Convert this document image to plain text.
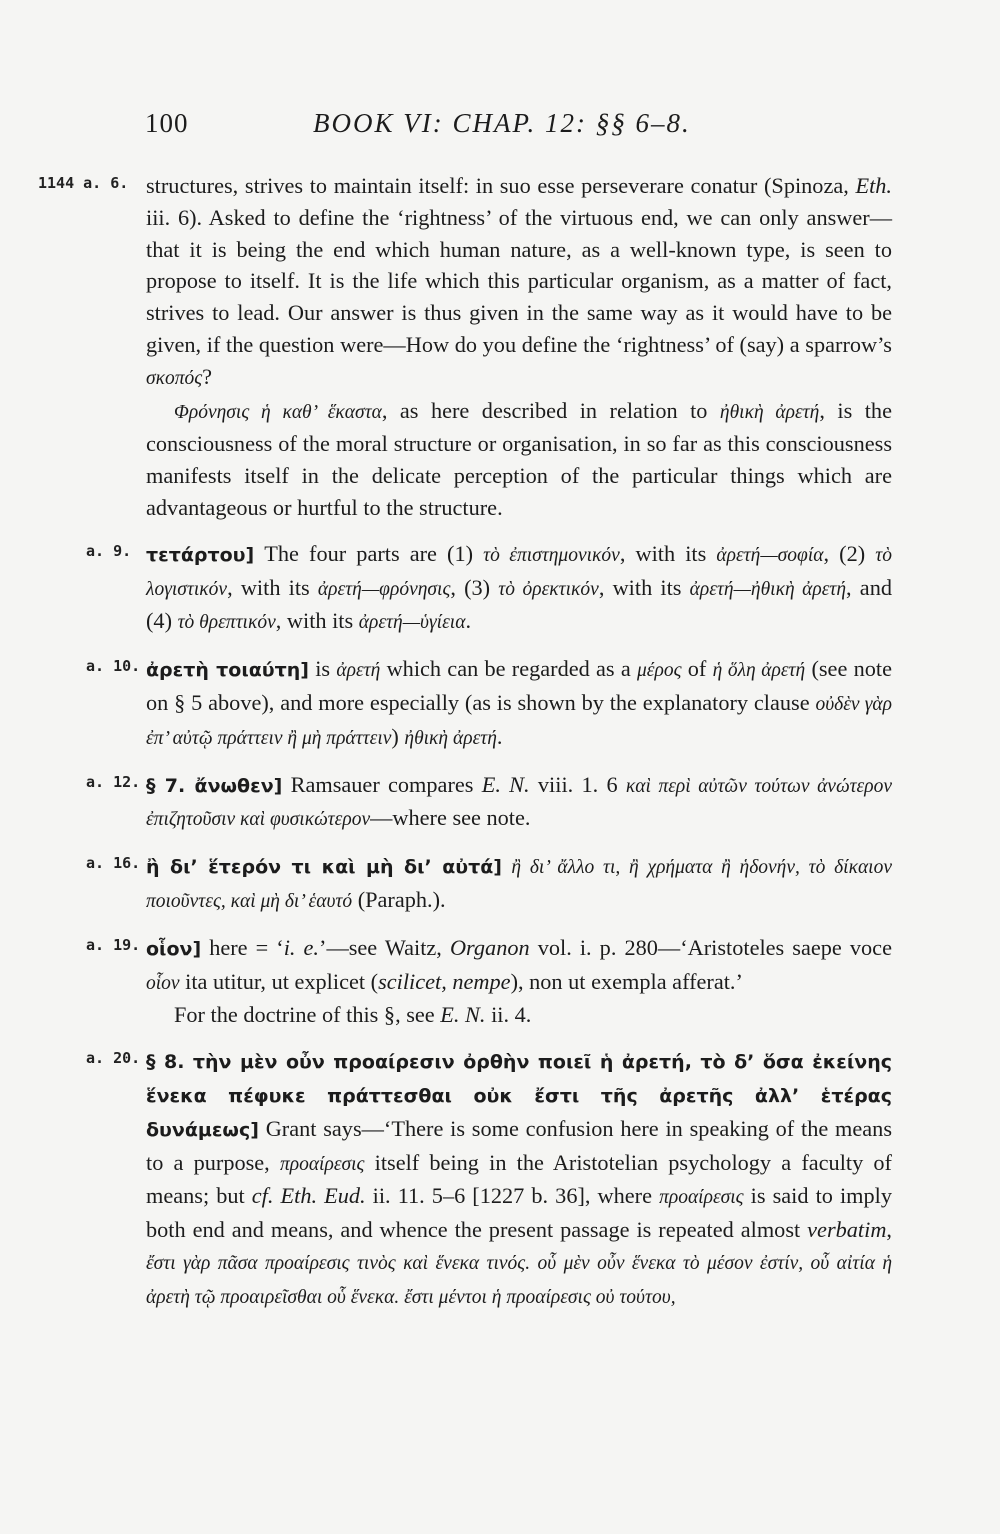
100	BOOK VI: CHAP. 12: §§ 6–8.
1144 a. 6. structures, strives to maintain itself: in suo esse perseverare conatur (Spinoza, Eth. iii. 6). Asked to define the ‘rightness’ of the virtuous end, we can only answer—that it is being the end which human nature, as a well-known type, is seen to propose to itself. It is the life which this particular organism, as a matter of fact, strives to lead. Our answer is thus given in the same way as it would have to be given, if the question were—How do you define the ‘rightness’ of (say) a sparrow’s σκοπός?

Φρόνησις ἡ καθ’ ἕκαστα, as here described in relation to ἠθικὴ ἀρετή, is the consciousness of the moral structure or organisation, in so far as this consciousness manifests itself in the delicate perception of the particular things which are advantageous or hurtful to the structure.

a. 9. τετάρτου] The four parts are (1) τὸ ἐπιστημονικόν, with its ἀρετή—σοφία, (2) τὸ λογιστικόν, with its ἀρετή—φρόνησις, (3) τὸ ὀρεκτικόν, with its ἀρετή—ἠθικὴ ἀρετή, and (4) τὸ θρεπτικόν, with its ἀρετή—ὑγίεια.

a. 10. ἀρετὴ τοιαύτη] is ἀρετή which can be regarded as a μέρος of ἡ ὅλη ἀρετή (see note on § 5 above), and more especially (as is shown by the explanatory clause οὐδὲν γὰρ ἐπ’ αὐτῷ πράττειν ἢ μὴ πράττειν) ἠθικὴ ἀρετή.

a. 12. § 7. ἄνωθεν] Ramsauer compares E. N. viii. 1. 6 καὶ περὶ αὐτῶν τούτων ἀνώτερον ἐπιζητοῦσιν καὶ φυσικώτερον—where see note.

a. 16. ἢ δι’ ἕτερόν τι καὶ μὴ δι’ αὐτά] ἢ δι’ ἄλλο τι, ἢ χρήματα ἢ ἡδονήν, τὸ δίκαιον ποιοῦντες, καὶ μὴ δι’ ἑαυτό (Paraph.).

a. 19. οἷον] here = ‘i. e.’—see Waitz, Organon vol. i. p. 280—‘Aristoteles saepe voce οἷον ita utitur, ut explicet (scilicet, nempe), non ut exempla afferat.’

For the doctrine of this §, see E. N. ii. 4.

a. 20. § 8. τὴν μὲν οὖν προαίρεσιν ὀρθὴν ποιεῖ ἡ ἀρετή, τὸ δ’ ὅσα ἐκείνης ἕνεκα πέφυκε πράττεσθαι οὐκ ἔστι τῆς ἀρετῆς ἀλλ’ ἑτέρας δυνάμεως] Grant says—‘There is some confusion here in speaking of the means to a purpose, προαίρεσις itself being in the Aristotelian psychology a faculty of means; but cf. Eth. Eud. ii. 11. 5–6 [1227 b. 36], where προαίρεσις is said to imply both end and means, and whence the present passage is repeated almost verbatim, ἔστι γὰρ πᾶσα προαίρεσις τινὸς καὶ ἕνεκα τινός. οὗ μὲν οὖν ἕνεκα τὸ μέσον ἐστίν, οὗ αἰτία ἡ ἀρετὴ τῷ προαιρεῖσθαι οὗ ἕνεκα. ἔστι μέντοι ἡ προαίρεσις οὐ τούτου,
